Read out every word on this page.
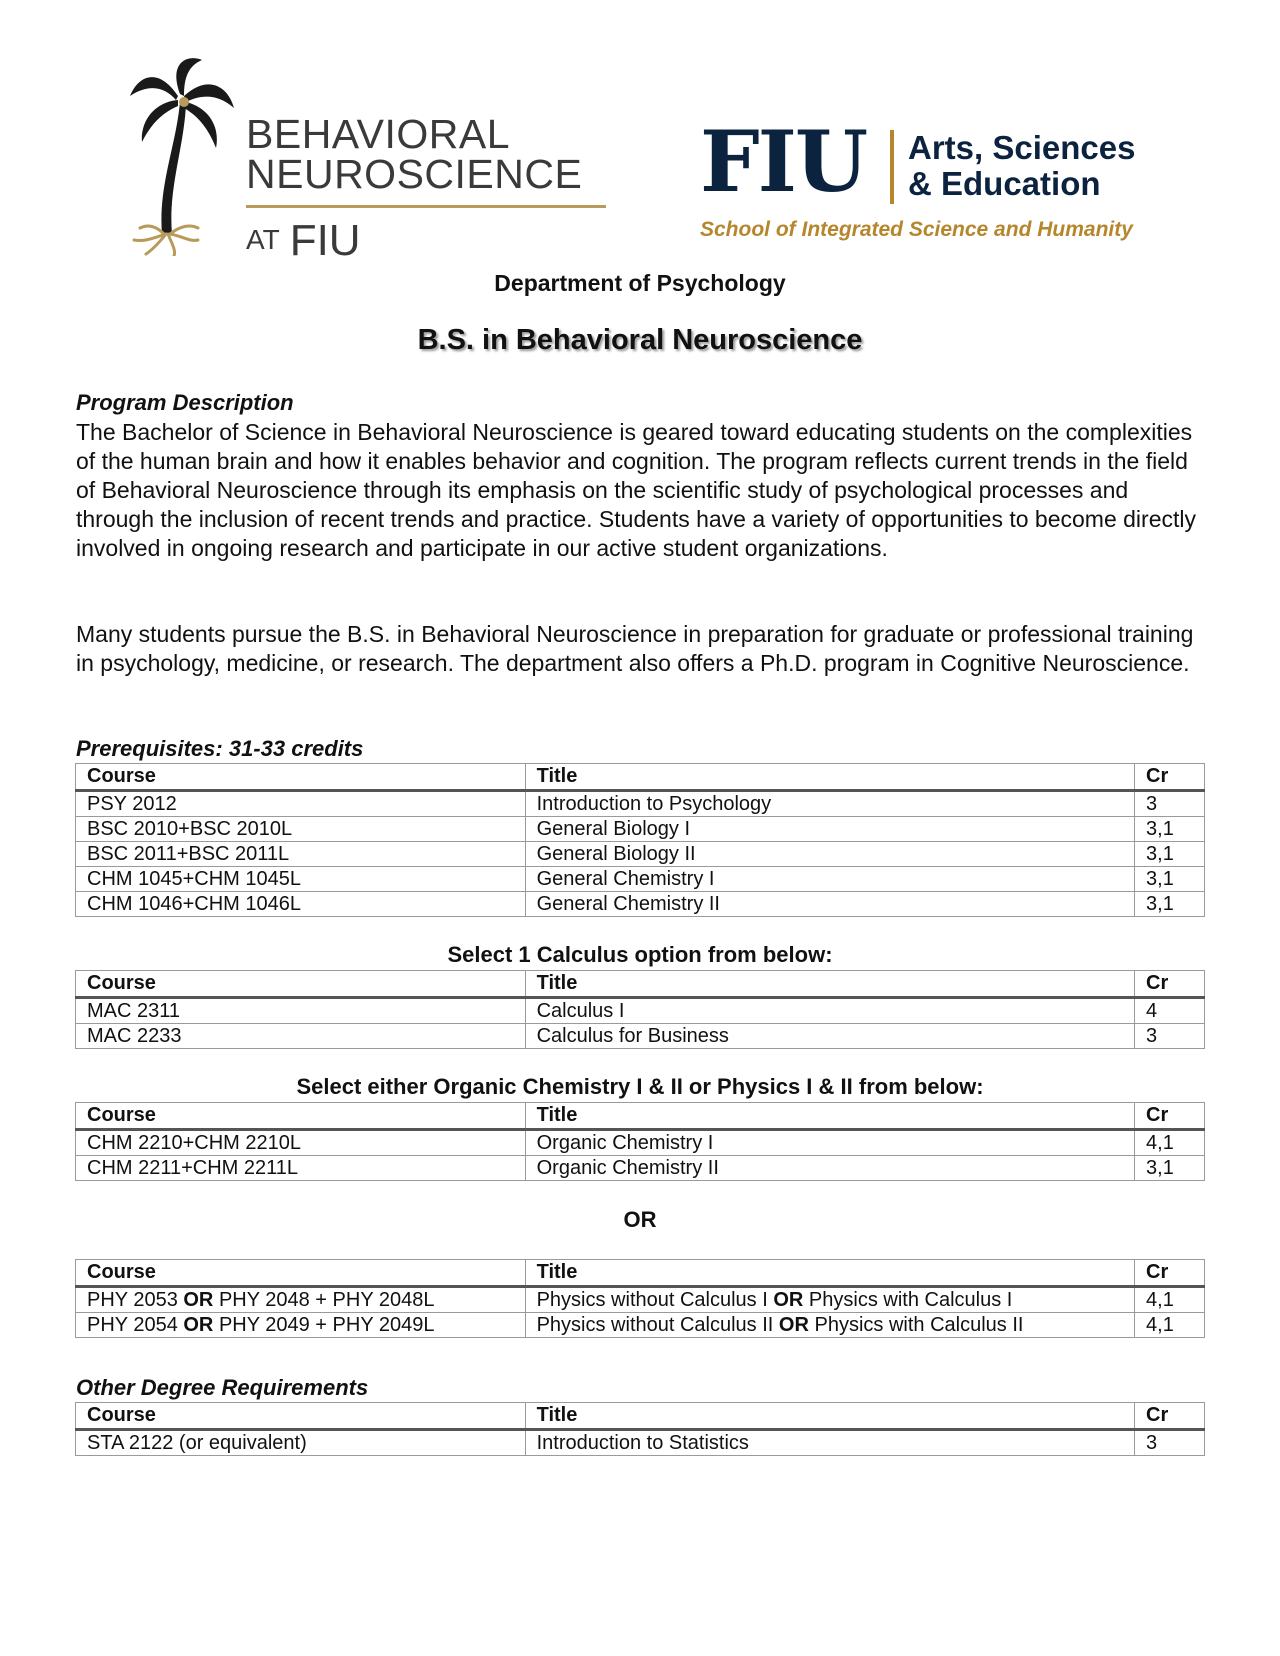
BEHAVIORAL
NEUROSCIENCE
AT FIU
FIU Arts, Sciences
& Education
School of Integrated Science and Humanity
Department of Psychology
B.S. in Behavioral Neuroscience
Program Description

The Bachelor of Science in Behavioral Neuroscience is geared toward educating students on the complexities of the human brain and how it enables behavior and cognition. The program reflects current trends in the field of Behavioral Neuroscience through its emphasis on the scientific study of psychological processes and through the inclusion of recent trends and practice. Students have a variety of opportunities to become directly involved in ongoing research and participate in our active student organizations.

Many students pursue the B.S. in Behavioral Neuroscience in preparation for graduate or professional training in psychology, medicine, or research. The department also offers a Ph.D. program in Cognitive Neuroscience.

Prerequisites: 31-33 credits
Course	Title	Cr
PSY 2012	Introduction to Psychology	3
BSC 2010+BSC 2010L	General Biology I	3,1
BSC 2011+BSC 2011L	General Biology II	3,1
CHM 1045+CHM 1045L	General Chemistry I	3,1
CHM 1046+CHM 1046L	General Chemistry II	3,1
Select 1 Calculus option from below:
Course	Title	Cr
MAC 2311	Calculus I	4
MAC 2233	Calculus for Business	3
Select either Organic Chemistry I & II or Physics I & II from below:
Course	Title	Cr
CHM 2210+CHM 2210L	Organic Chemistry I	4,1
CHM 2211+CHM 2211L	Organic Chemistry II	3,1
OR
Course	Title	Cr
PHY 2053 OR PHY 2048 + PHY 2048L	Physics without Calculus I OR Physics with Calculus I	4,1
PHY 2054 OR PHY 2049 + PHY 2049L	Physics without Calculus II OR Physics with Calculus II	4,1
Other Degree Requirements
Course	Title	Cr
STA 2122 (or equivalent)	Introduction to Statistics	3
